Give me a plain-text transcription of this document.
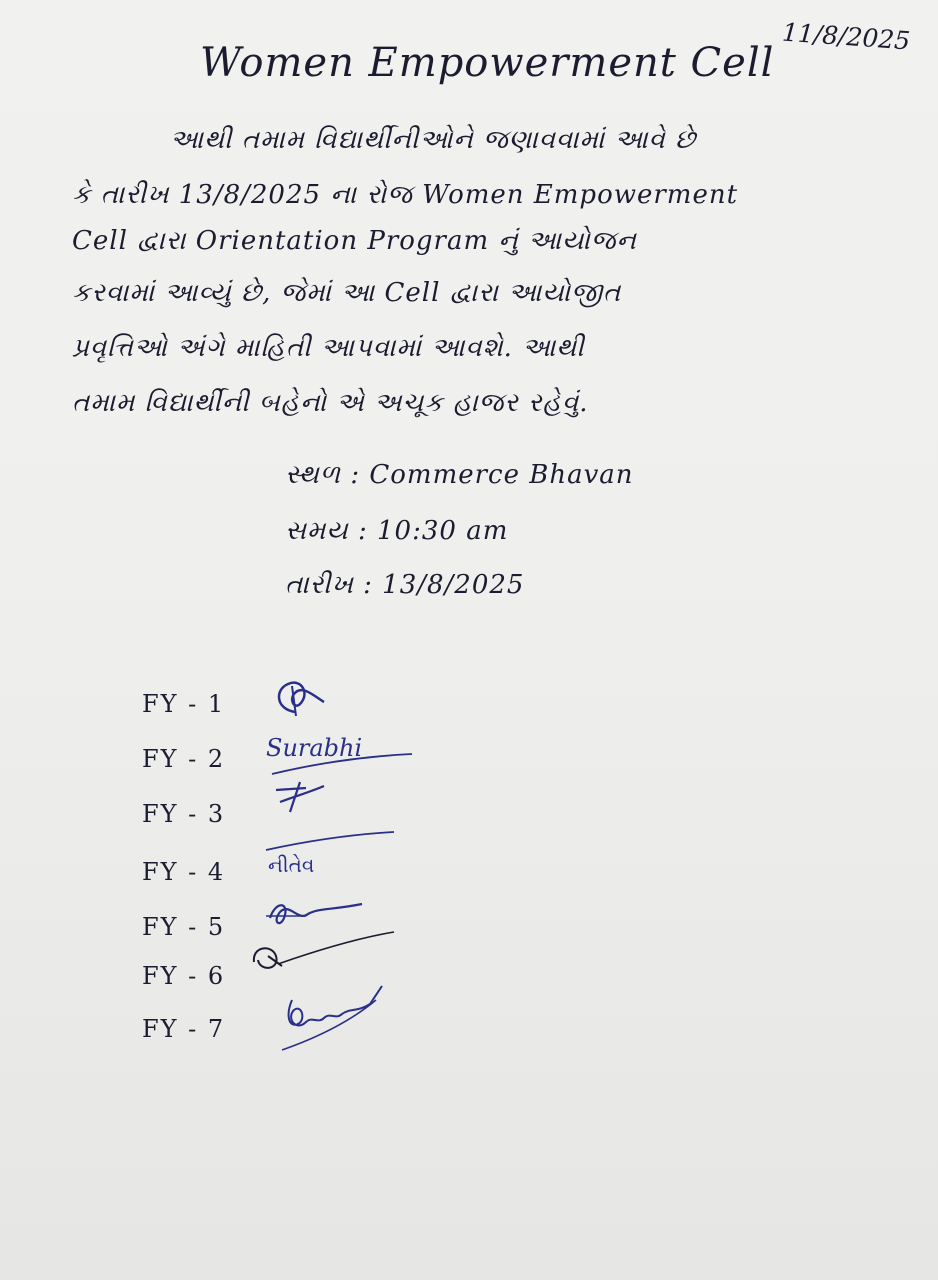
11/8/2025
Women Empowerment Cell
આથી તમામ વિદ્યાર્થીનીઓને જણાવવામાં આવે છે
કે તારીખ 13/8/2025 ના રોજ Women Empowerment
Cell દ્વારા Orientation Program નું આયોજન
કરવામાં આવ્યું છે, જેમાં આ Cell દ્વારા આયોજીત
પ્રવૃત્તિઓ અંગે માહિતી આપવામાં આવશે. આથી
તમામ વિદ્યાર્થીની બહેનો એ અચૂક હાજર રહેવું.
સ્થળ : Commerce Bhavan
સમય : 10:30 am
તારીખ : 13/8/2025
FY - 1
FY - 2 Surabhi
FY - 3
FY - 4 નીતેવ
FY - 5
FY - 6
FY - 7
